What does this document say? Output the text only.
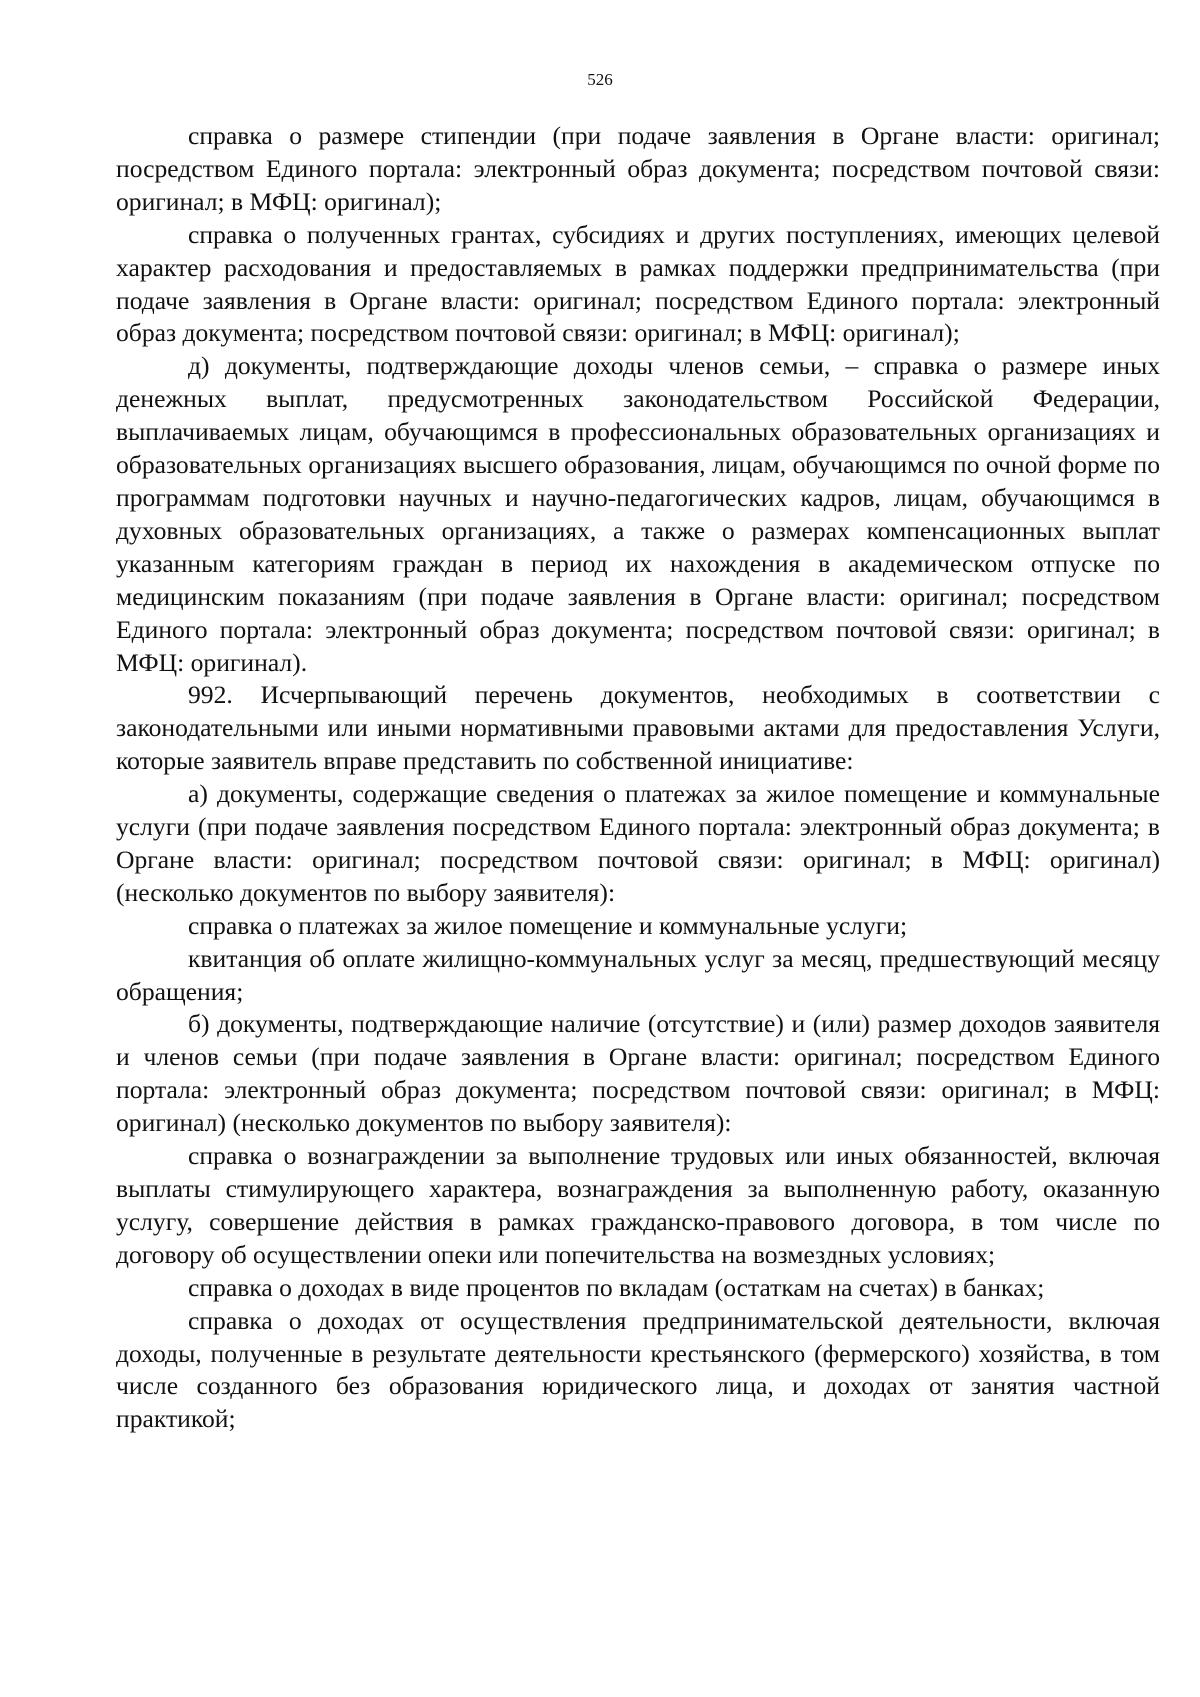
526

справка о размере стипендии (при подаче заявления в Органе власти: оригинал; посредством Единого портала: электронный образ документа; посредством почтовой связи: оригинал; в МФЦ: оригинал);

справка о полученных грантах, субсидиях и других поступлениях, имеющих целевой характер расходования и предоставляемых в рамках поддержки предпринимательства (при подаче заявления в Органе власти: оригинал; посредством Единого портала: электронный образ документа; посредством почтовой связи: оригинал; в МФЦ: оригинал);

д) документы, подтверждающие доходы членов семьи, – справка о размере иных денежных выплат, предусмотренных законодательством Российской Федерации, выплачиваемых лицам, обучающимся в профессиональных образовательных организациях и образовательных организациях высшего образования, лицам, обучающимся по очной форме по программам подготовки научных и научно-педагогических кадров, лицам, обучающимся в духовных образовательных организациях, а также о размерах компенсационных выплат указанным категориям граждан в период их нахождения в академическом отпуске по медицинским показаниям (при подаче заявления в Органе власти: оригинал; посредством Единого портала: электронный образ документа; посредством почтовой связи: оригинал; в МФЦ: оригинал).

992. Исчерпывающий перечень документов, необходимых в соответствии с законодательными или иными нормативными правовыми актами для предоставления Услуги, которые заявитель вправе представить по собственной инициативе:

а) документы, содержащие сведения о платежах за жилое помещение и коммунальные услуги (при подаче заявления посредством Единого портала: электронный образ документа; в Органе власти: оригинал; посредством почтовой связи: оригинал; в МФЦ: оригинал) (несколько документов по выбору заявителя):

справка о платежах за жилое помещение и коммунальные услуги;

квитанция об оплате жилищно-коммунальных услуг за месяц, предшествующий месяцу обращения;

б) документы, подтверждающие наличие (отсутствие) и (или) размер доходов заявителя и членов семьи (при подаче заявления в Органе власти: оригинал; посредством Единого портала: электронный образ документа; посредством почтовой связи: оригинал; в МФЦ: оригинал) (несколько документов по выбору заявителя):

справка о вознаграждении за выполнение трудовых или иных обязанностей, включая выплаты стимулирующего характера, вознаграждения за выполненную работу, оказанную услугу, совершение действия в рамках гражданско-правового договора, в том числе по договору об осуществлении опеки или попечительства на возмездных условиях;

справка о доходах в виде процентов по вкладам (остаткам на счетах) в банках;

справка о доходах от осуществления предпринимательской деятельности, включая доходы, полученные в результате деятельности крестьянского (фермерского) хозяйства, в том числе созданного без образования юридического лица, и доходах от занятия частной практикой;
